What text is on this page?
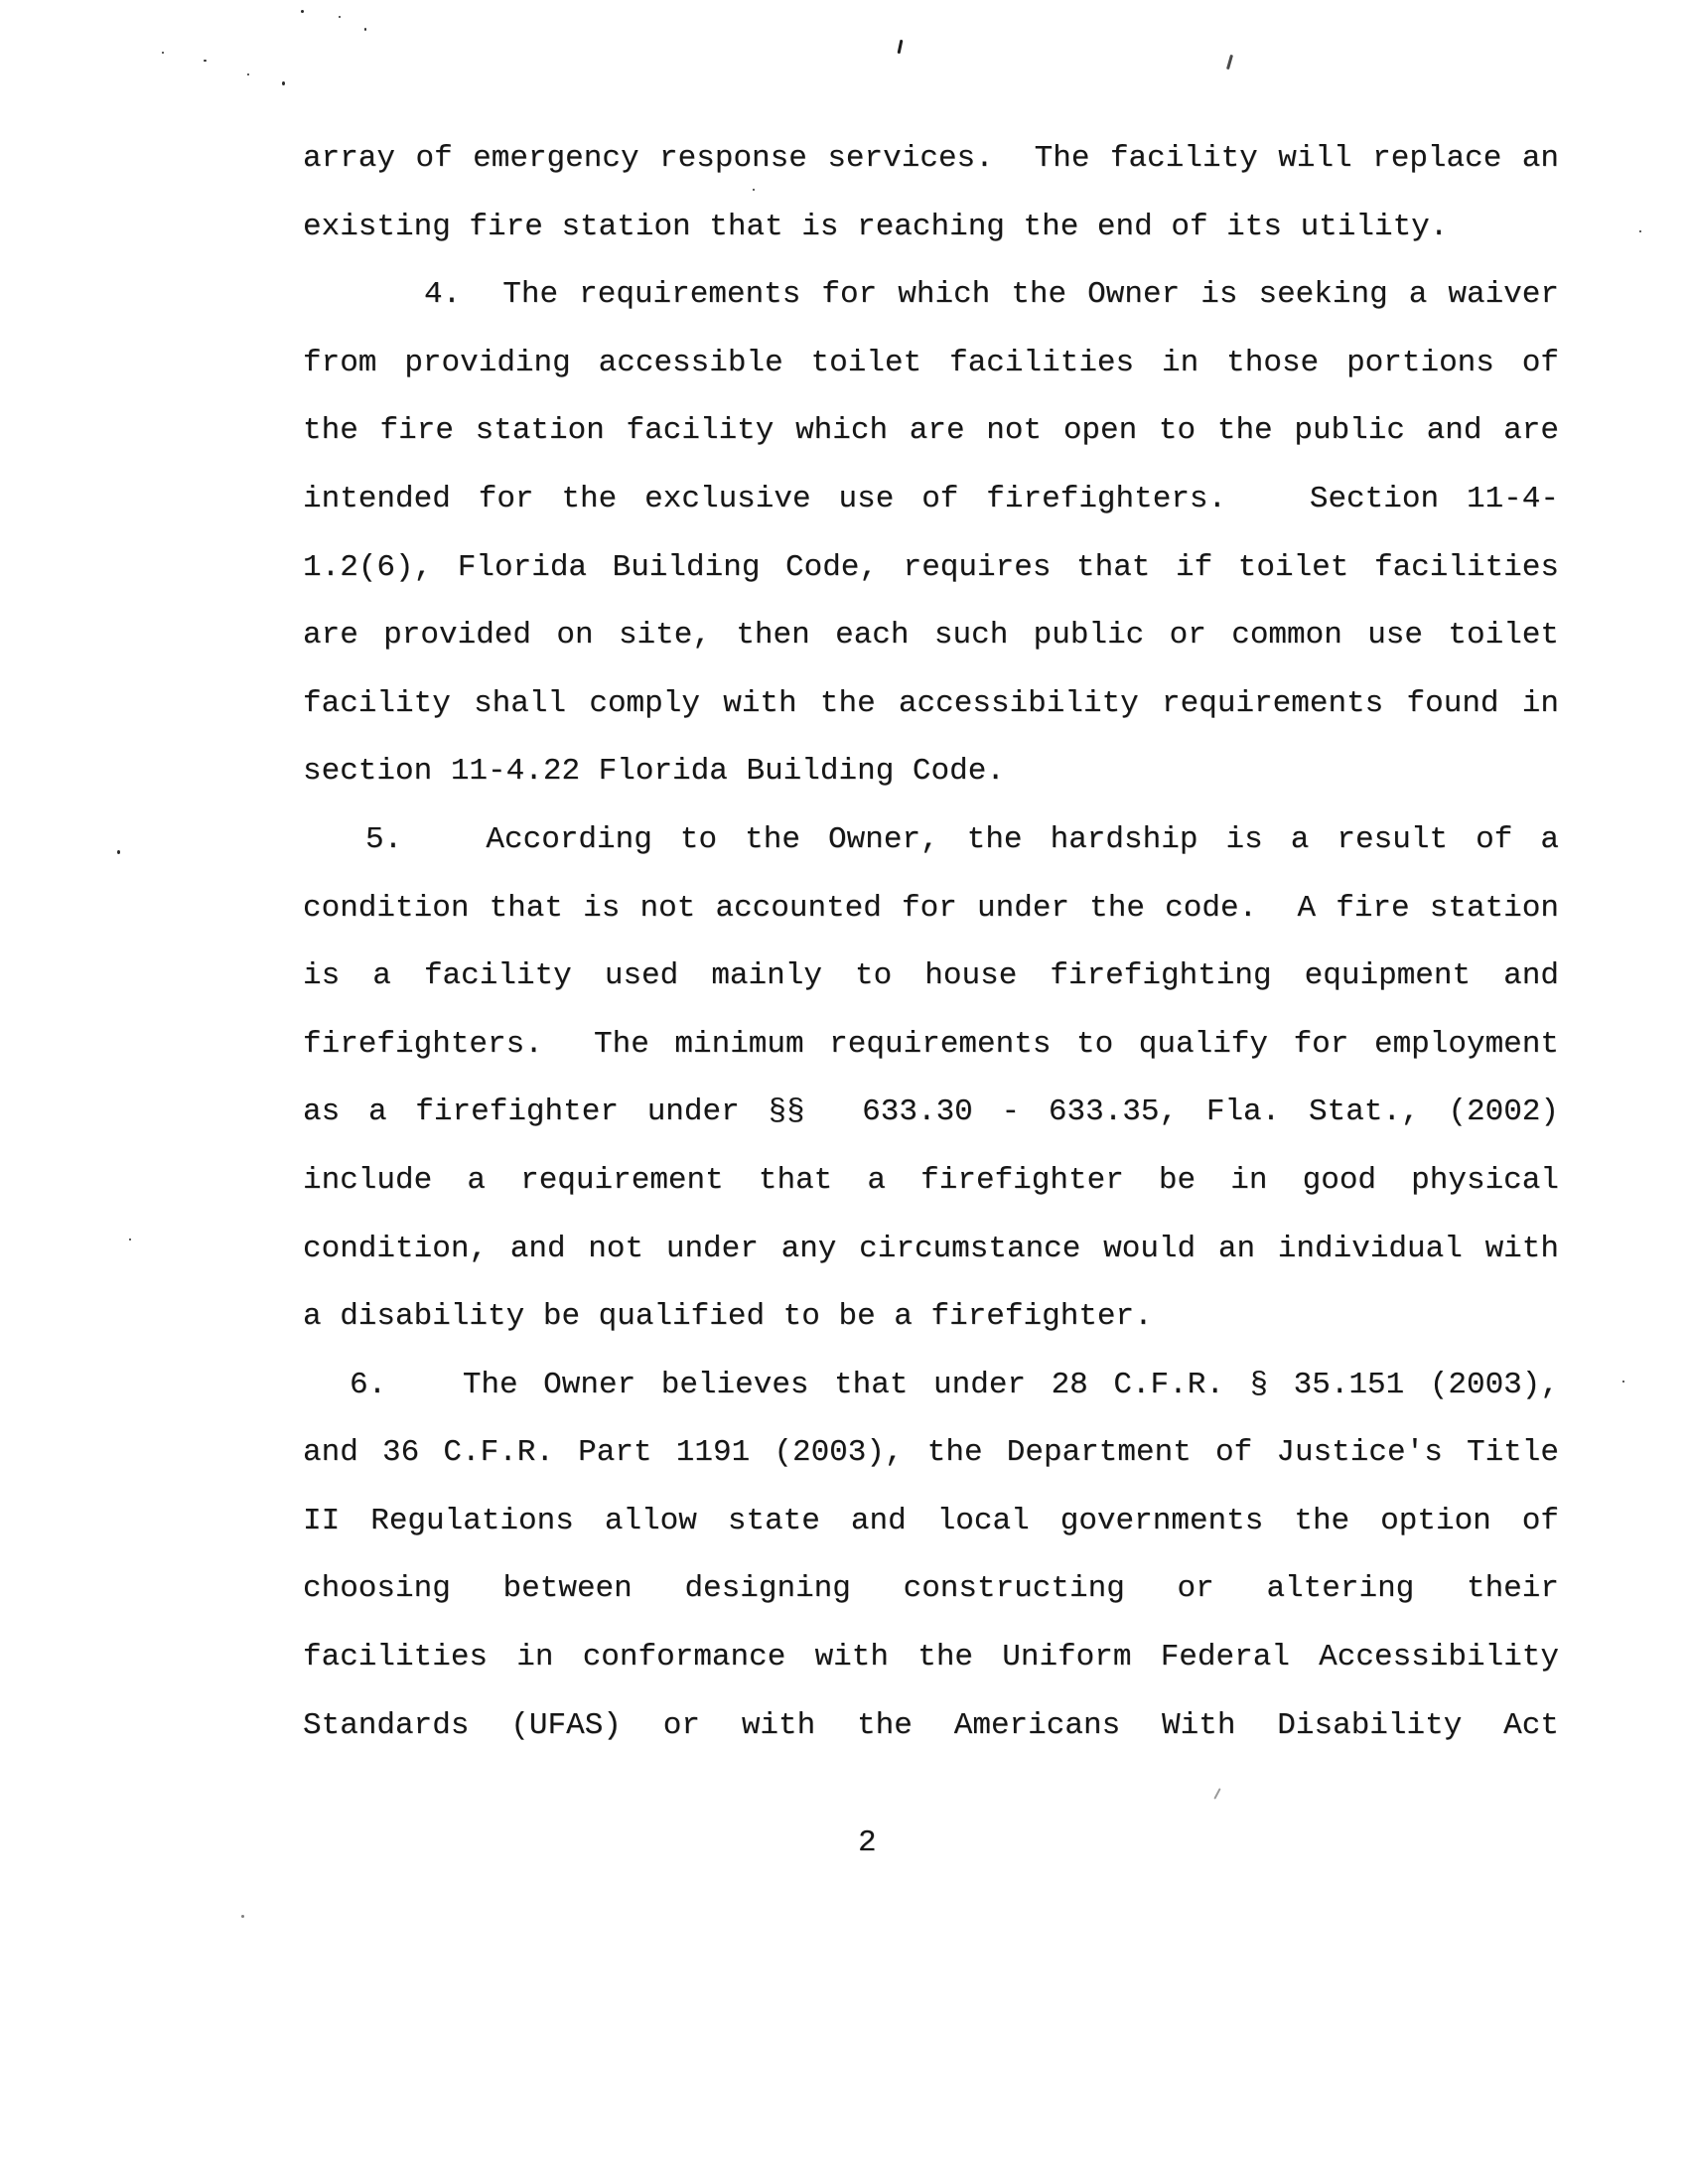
array of emergency response services.  The facility will replace an
existing fire station that is reaching the end of its utility.
4.  The requirements for which the Owner is seeking a waiver
from providing accessible toilet facilities in those portions of
the fire station facility which are not open to the public and are
intended for the exclusive use of firefighters.   Section 11-4-
1.2(6), Florida Building Code, requires that if toilet facilities
are provided on site, then each such public or common use toilet
facility shall comply with the accessibility requirements found in
section 11-4.22 Florida Building Code.
5.   According to the Owner, the hardship is a result of a
condition that is not accounted for under the code.  A fire station
is a facility used mainly to house firefighting equipment and
firefighters.  The minimum requirements to qualify for employment
as a firefighter under §§  633.30 - 633.35, Fla. Stat., (2002)
include a requirement that a firefighter be in good physical
condition, and not under any circumstance would an individual with
a disability be qualified to be a firefighter.
6.   The Owner believes that under 28 C.F.R. § 35.151 (2003),
and 36 C.F.R. Part 1191 (2003), the Department of Justice's Title
II Regulations allow state and local governments the option of
choosing  between  designing  constructing  or  altering  their
facilities in conformance with the Uniform Federal Accessibility
Standards  (UFAS)  or  with  the  Americans  With  Disability  Act
2
